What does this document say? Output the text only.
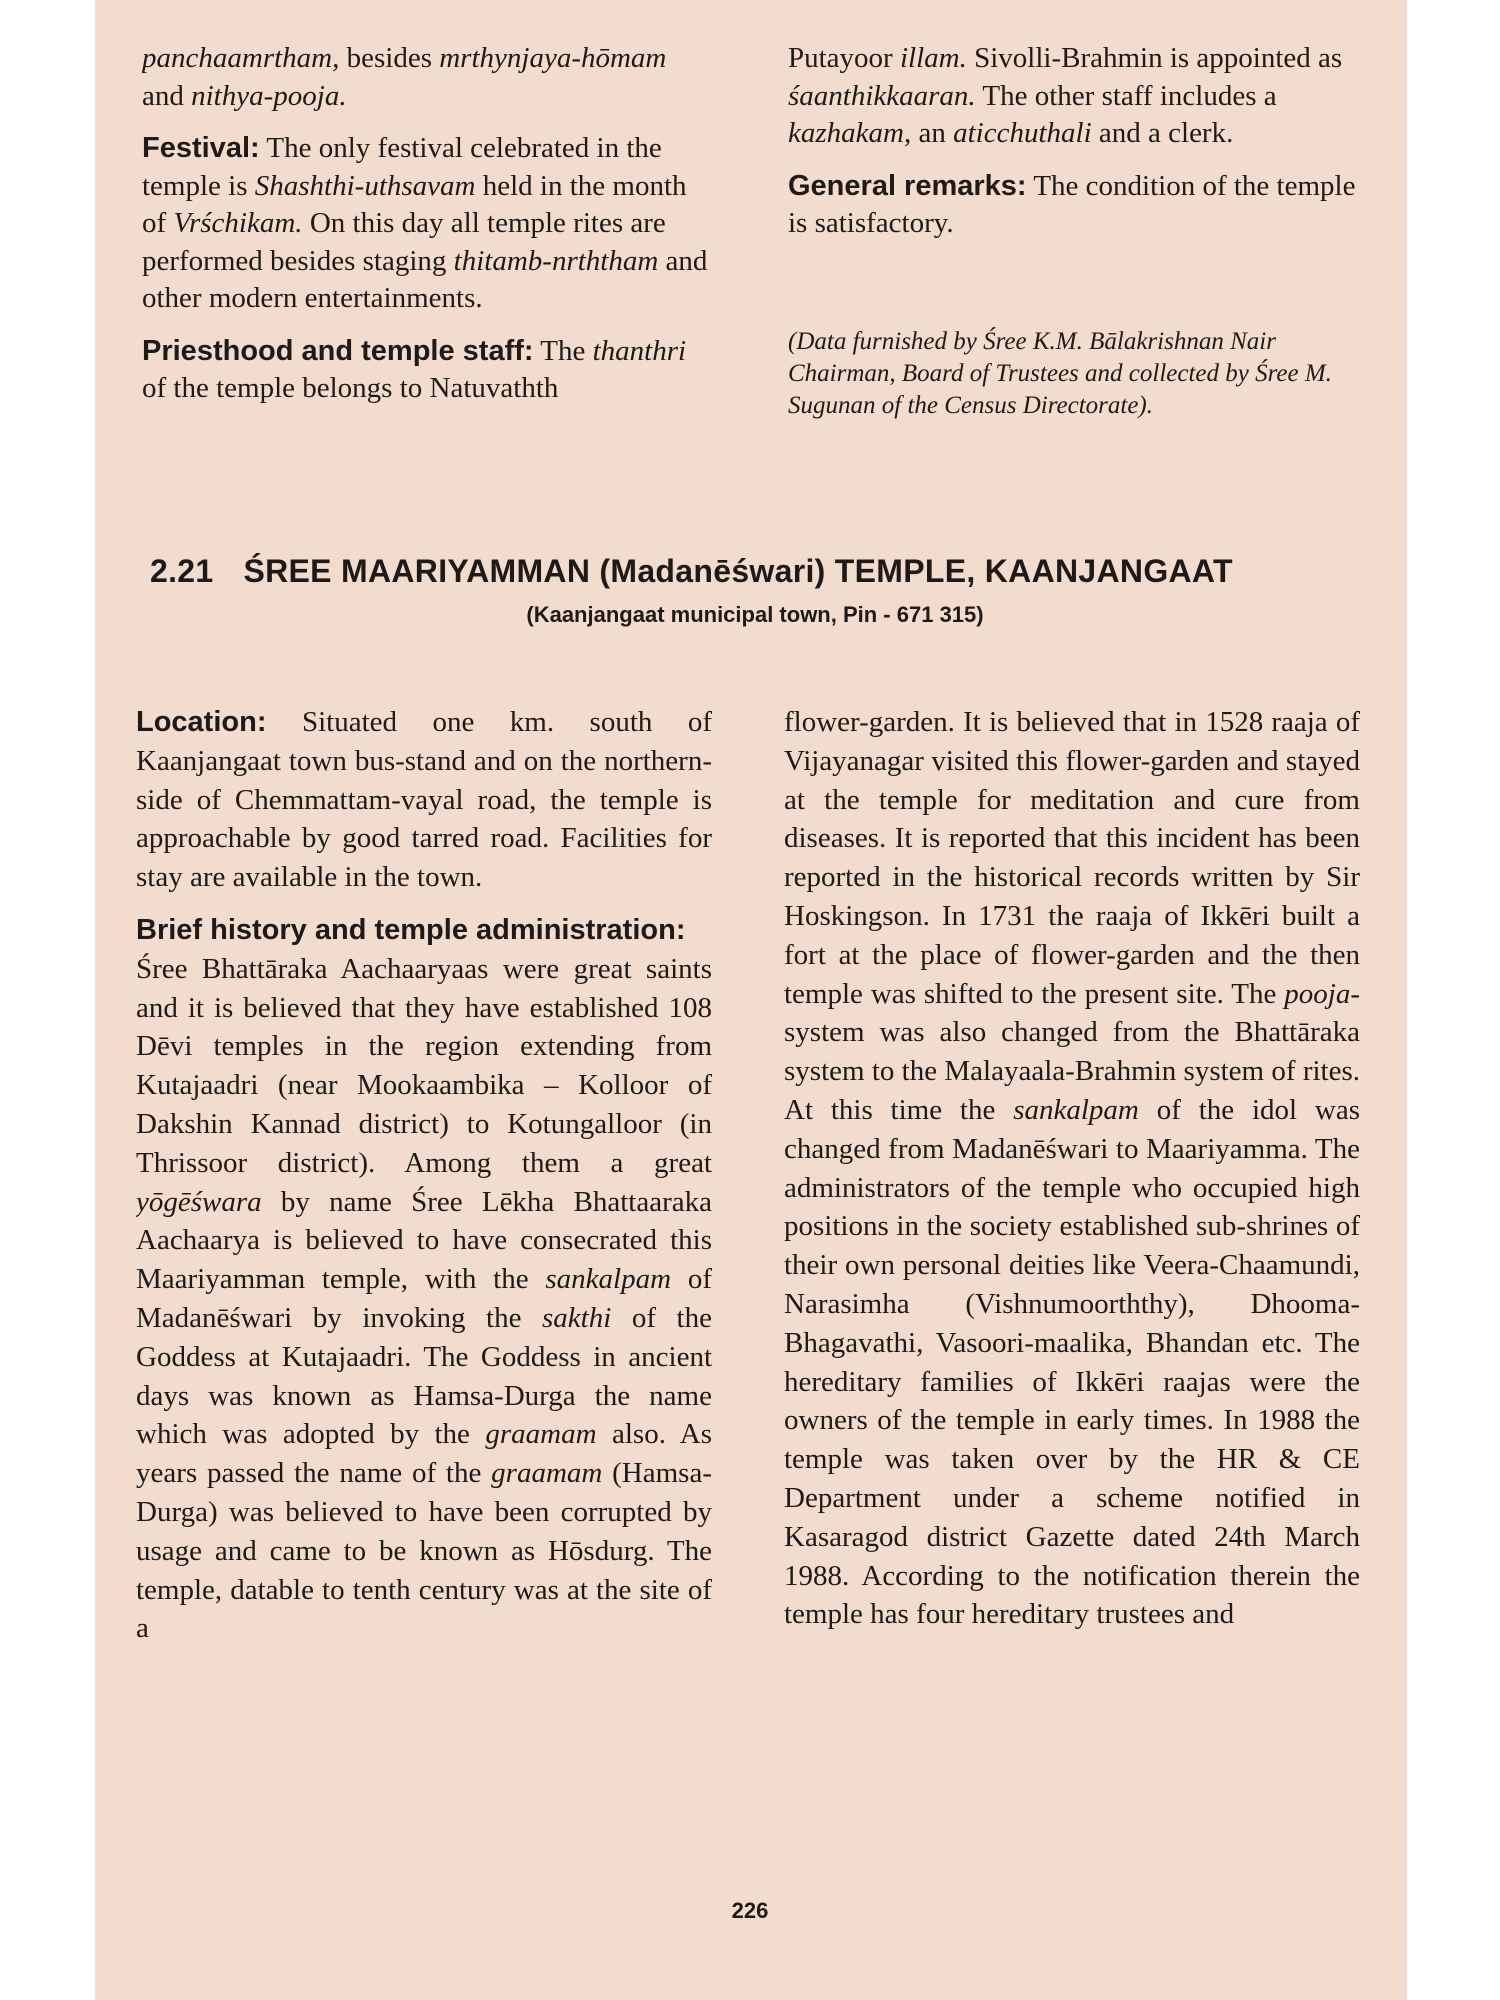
panchaamrtham, besides mrthynjaya-hōmam and nithya-pooja.

Festival: The only festival celebrated in the temple is Shashthi-uthsavam held in the month of Vrśchikam. On this day all temple rites are performed besides staging thitamb-nrththam and other modern entertainments.

Priesthood and temple staff: The thanthri of the temple belongs to Natuvathth

Putayoor illam. Sivolli-Brahmin is appointed as śaanthikkaaran. The other staff includes a kazhakam, an aticchuthali and a clerk.

General remarks: The condition of the temple is satisfactory.

(Data furnished by Śree K.M. Bālakrishnan Nair Chairman, Board of Trustees and collected by Śree M. Sugunan of the Census Directorate).
2.21 ŚREE MAARIYAMMAN (Madanēśwari) TEMPLE, KAANJANGAAT
(Kaanjangaat municipal town, Pin - 671 315)

Location: Situated one km. south of Kaanjangaat town bus-stand and on the northern-side of Chemmattam-vayal road, the temple is approachable by good tarred road. Facilities for stay are available in the town.

Brief history and temple administration:

Śree Bhattāraka Aachaaryaas were great saints and it is believed that they have established 108 Dēvi temples in the region extending from Kutajaadri (near Mookaambika – Kolloor of Dakshin Kannad district) to Kotungalloor (in Thrissoor district). Among them a great yōgēśwara by name Śree Lēkha Bhattaaraka Aachaarya is believed to have consecrated this Maariyamman temple, with the sankalpam of Madanēśwari by invoking the sakthi of the Goddess at Kutajaadri. The Goddess in ancient days was known as Hamsa-Durga the name which was adopted by the graamam also. As years passed the name of the graamam (Hamsa-Durga) was believed to have been corrupted by usage and came to be known as Hōsdurg. The temple, datable to tenth century was at the site of a

flower-garden. It is believed that in 1528 raaja of Vijayanagar visited this flower-garden and stayed at the temple for meditation and cure from diseases. It is reported that this incident has been reported in the historical records written by Sir Hoskingson. In 1731 the raaja of Ikkēri built a fort at the place of flower-garden and the then temple was shifted to the present site. The pooja-system was also changed from the Bhattāraka system to the Malayaala-Brahmin system of rites. At this time the sankalpam of the idol was changed from Madanēśwari to Maariyamma. The administrators of the temple who occupied high positions in the society established sub-shrines of their own personal deities like Veera-Chaamundi, Narasimha (Vishnumoorththy), Dhooma-Bhagavathi, Vasoori-maalika, Bhandan etc. The hereditary families of Ikkēri raajas were the owners of the temple in early times. In 1988 the temple was taken over by the HR & CE Department under a scheme notified in Kasaragod district Gazette dated 24th March 1988. According to the notification therein the temple has four hereditary trustees and

226
